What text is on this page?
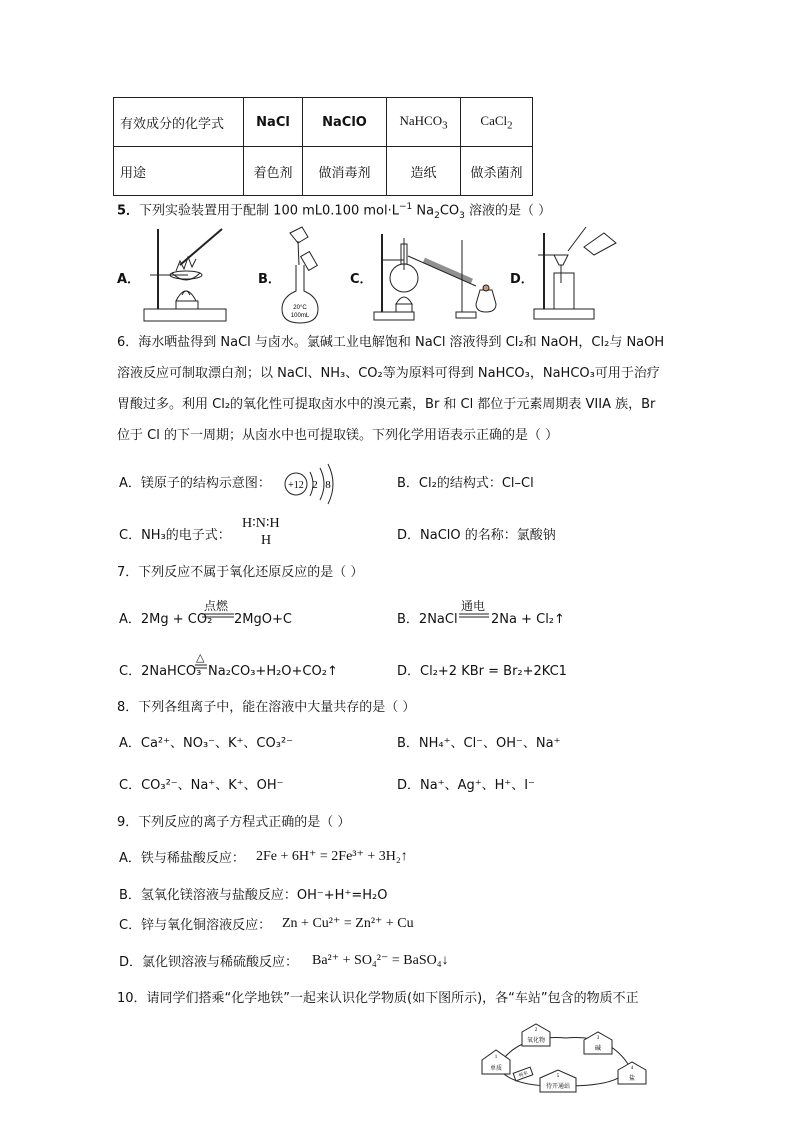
有效成分的化学式	NaCl	NaClO	NaHCO$_3$	CaCl$_2$
用途	着色剂	做消毒剂	造纸	做杀菌剂
5．下列实验装置用于配制 100 mL0.100 $mol\cdot L^{-1}$ $Na_2CO_3$ 溶液的是（ ）
A．	B．	C．	D．
20°C
100mL
6．海水晒盐得到 NaCl 与卤水。氯碱工业电解饱和 NaCl 溶液得到 Cl₂和 NaOH，Cl₂与 NaOH
溶液反应可制取漂白剂；以 NaCl、NH₃、CO₂等为原料可得到 NaHCO₃，NaHCO₃可用于治疗
胃酸过多。利用 Cl₂的氧化性可提取卤水中的溴元素，Br 和 Cl 都位于元素周期表 VIIA 族，Br
位于 Cl 的下一周期；从卤水中也可提取镁。下列化学用语表示正确的是（ ）
A．镁原子的结构示意图： +12 2 8	B．Cl₂的结构式：Cl–Cl
C．NH₃的电子式：
H∶N∶H
H	D．NaClO 的名称：氯酸钠
7．下列反应不属于氧化还原反应的是（ ）
A．2Mg + CO₂
点燃
2MgO+C	B．2NaCl
通电
2Na + Cl₂↑
C．2NaHCO₃
△
Na₂CO₃+H₂O+CO₂↑	D．Cl₂+2 KBr = Br₂+2KC1
8．下列各组离子中，能在溶液中大量共存的是（ ）
A．Ca²⁺、NO₃⁻、K⁺、CO₃²⁻	B．NH₄⁺、Cl⁻、OH⁻、Na⁺
C．CO₃²⁻、Na⁺、K⁺、OH⁻	D．Na⁺、Ag⁺、H⁺、I⁻
9．下列反应的离子方程式正确的是（ ）
A．铁与稀盐酸反应： 2Fe + 6H⁺ = 2Fe³⁺ + 3H₂↑
B．氢氧化镁溶液与盐酸反应：OH⁻+H⁺=H₂O
C．锌与氧化铜溶液反应： Zn + Cu²⁺ = Zn²⁺ + Cu
D．氯化钡溶液与稀硫酸反应： Ba²⁺ + SO₄²⁻ = BaSO₄↓
10．请同学们搭乘“化学地铁”一起来认识化学物质(如下图所示)，各“车站”包含的物质不正
1
单质
2
氧化物	3
碱
4
盐
5
待开通站
列车
